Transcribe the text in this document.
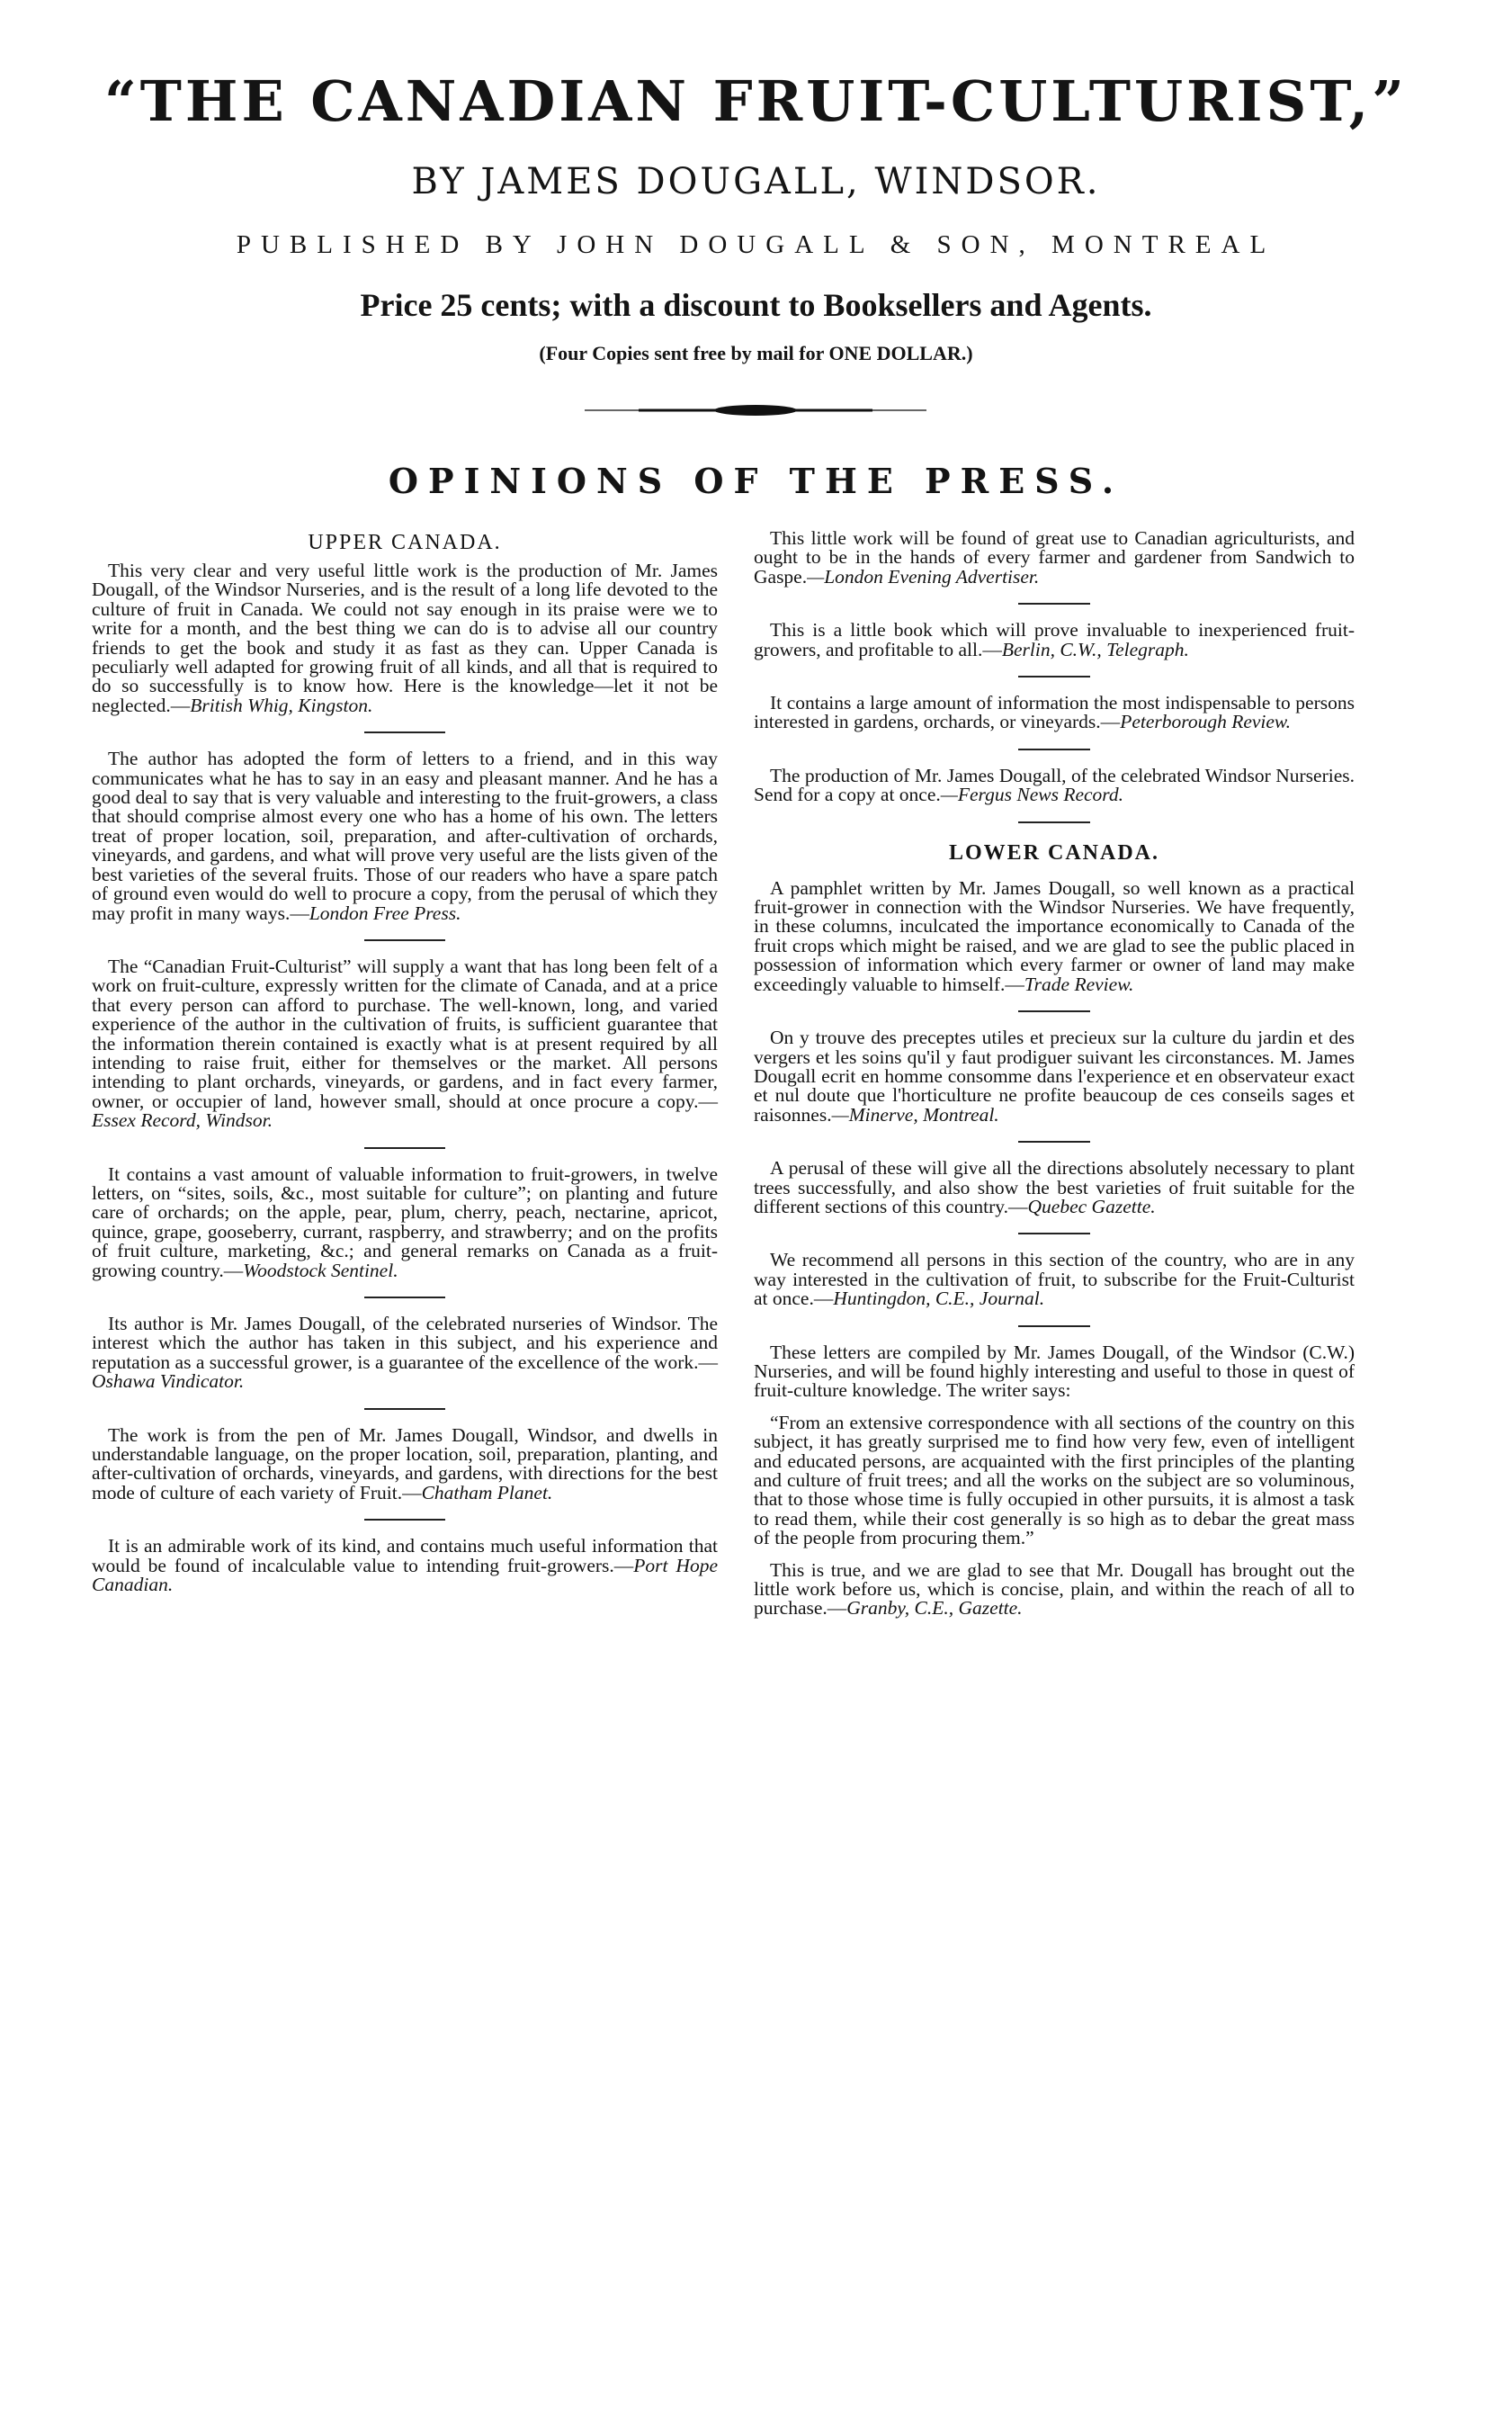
“THE CANADIAN FRUIT-CULTURIST,”
BY JAMES DOUGALL, WINDSOR.
PUBLISHED BY JOHN DOUGALL & SON, MONTREAL
Price 25 cents; with a discount to Booksellers and Agents.
(Four Copies sent free by mail for ONE DOLLAR.)
OPINIONS OF THE PRESS.
UPPER CANADA.

This very clear and very useful little work is the production of Mr. James Dougall, of the Windsor Nurseries, and is the result of a long life devoted to the culture of fruit in Canada. We could not say enough in its praise were we to write for a month, and the best thing we can do is to advise all our country friends to get the book and study it as fast as they can. Upper Canada is peculiarly well adapted for growing fruit of all kinds, and all that is required to do so successfully is to know how. Here is the knowledge—let it not be neglected.—British Whig, Kingston.

The author has adopted the form of letters to a friend, and in this way communicates what he has to say in an easy and pleasant manner. And he has a good deal to say that is very valuable and interesting to the fruit-growers, a class that should comprise almost every one who has a home of his own. The letters treat of proper location, soil, preparation, and after-cultivation of orchards, vineyards, and gardens, and what will prove very useful are the lists given of the best varieties of the several fruits. Those of our readers who have a spare patch of ground even would do well to procure a copy, from the perusal of which they may profit in many ways.—London Free Press.

The “Canadian Fruit-Culturist” will supply a want that has long been felt of a work on fruit-culture, expressly written for the climate of Canada, and at a price that every person can afford to purchase. The well-known, long, and varied experience of the author in the cultivation of fruits, is sufficient guarantee that the information therein contained is exactly what is at present required by all intending to raise fruit, either for themselves or the market. All persons intending to plant orchards, vineyards, or gardens, and in fact every farmer, owner, or occupier of land, however small, should at once procure a copy.—Essex Record, Windsor.

It contains a vast amount of valuable information to fruit-growers, in twelve letters, on “sites, soils, &c., most suitable for culture”; on planting and future care of orchards; on the apple, pear, plum, cherry, peach, nectarine, apricot, quince, grape, gooseberry, currant, raspberry, and strawberry; and on the profits of fruit culture, marketing, &c.; and general remarks on Canada as a fruit-growing country.—Woodstock Sentinel.

Its author is Mr. James Dougall, of the celebrated nurseries of Windsor. The interest which the author has taken in this subject, and his experience and reputation as a successful grower, is a guarantee of the excellence of the work.—Oshawa Vindicator.

The work is from the pen of Mr. James Dougall, Windsor, and dwells in understandable language, on the proper location, soil, preparation, planting, and after-cultivation of orchards, vineyards, and gardens, with directions for the best mode of culture of each variety of Fruit.—Chatham Planet.

It is an admirable work of its kind, and contains much useful information that would be found of incalculable value to intending fruit-growers.—Port Hope Canadian.

This little work will be found of great use to Canadian agriculturists, and ought to be in the hands of every farmer and gardener from Sandwich to Gaspe.—London Evening Advertiser.

This is a little book which will prove invaluable to inexperienced fruit-growers, and profitable to all.—Berlin, C.W., Telegraph.

It contains a large amount of information the most indispensable to persons interested in gardens, orchards, or vineyards.—Peterborough Review.

The production of Mr. James Dougall, of the celebrated Windsor Nurseries. Send for a copy at once.—Fergus News Record.

LOWER CANADA.

A pamphlet written by Mr. James Dougall, so well known as a practical fruit-grower in connection with the Windsor Nurseries. We have frequently, in these columns, inculcated the importance economically to Canada of the fruit crops which might be raised, and we are glad to see the public placed in possession of information which every farmer or owner of land may make exceedingly valuable to himself.—Trade Review.

On y trouve des preceptes utiles et precieux sur la culture du jardin et des vergers et les soins qu'il y faut prodiguer suivant les circonstances. M. James Dougall ecrit en homme consomme dans l'experience et en observateur exact et nul doute que l'horticulture ne profite beaucoup de ces conseils sages et raisonnes.—Minerve, Montreal.

A perusal of these will give all the directions absolutely necessary to plant trees successfully, and also show the best varieties of fruit suitable for the different sections of this country.—Quebec Gazette.

We recommend all persons in this section of the country, who are in any way interested in the cultivation of fruit, to subscribe for the Fruit-Culturist at once.—Huntingdon, C.E., Journal.

These letters are compiled by Mr. James Dougall, of the Windsor (C.W.) Nurseries, and will be found highly interesting and useful to those in quest of fruit-culture knowledge. The writer says:

“From an extensive correspondence with all sections of the country on this subject, it has greatly surprised me to find how very few, even of intelligent and educated persons, are acquainted with the first principles of the planting and culture of fruit trees; and all the works on the subject are so voluminous, that to those whose time is fully occupied in other pursuits, it is almost a task to read them, while their cost generally is so high as to debar the great mass of the people from procuring them.”

This is true, and we are glad to see that Mr. Dougall has brought out the little work before us, which is concise, plain, and within the reach of all to purchase.—Granby, C.E., Gazette.
